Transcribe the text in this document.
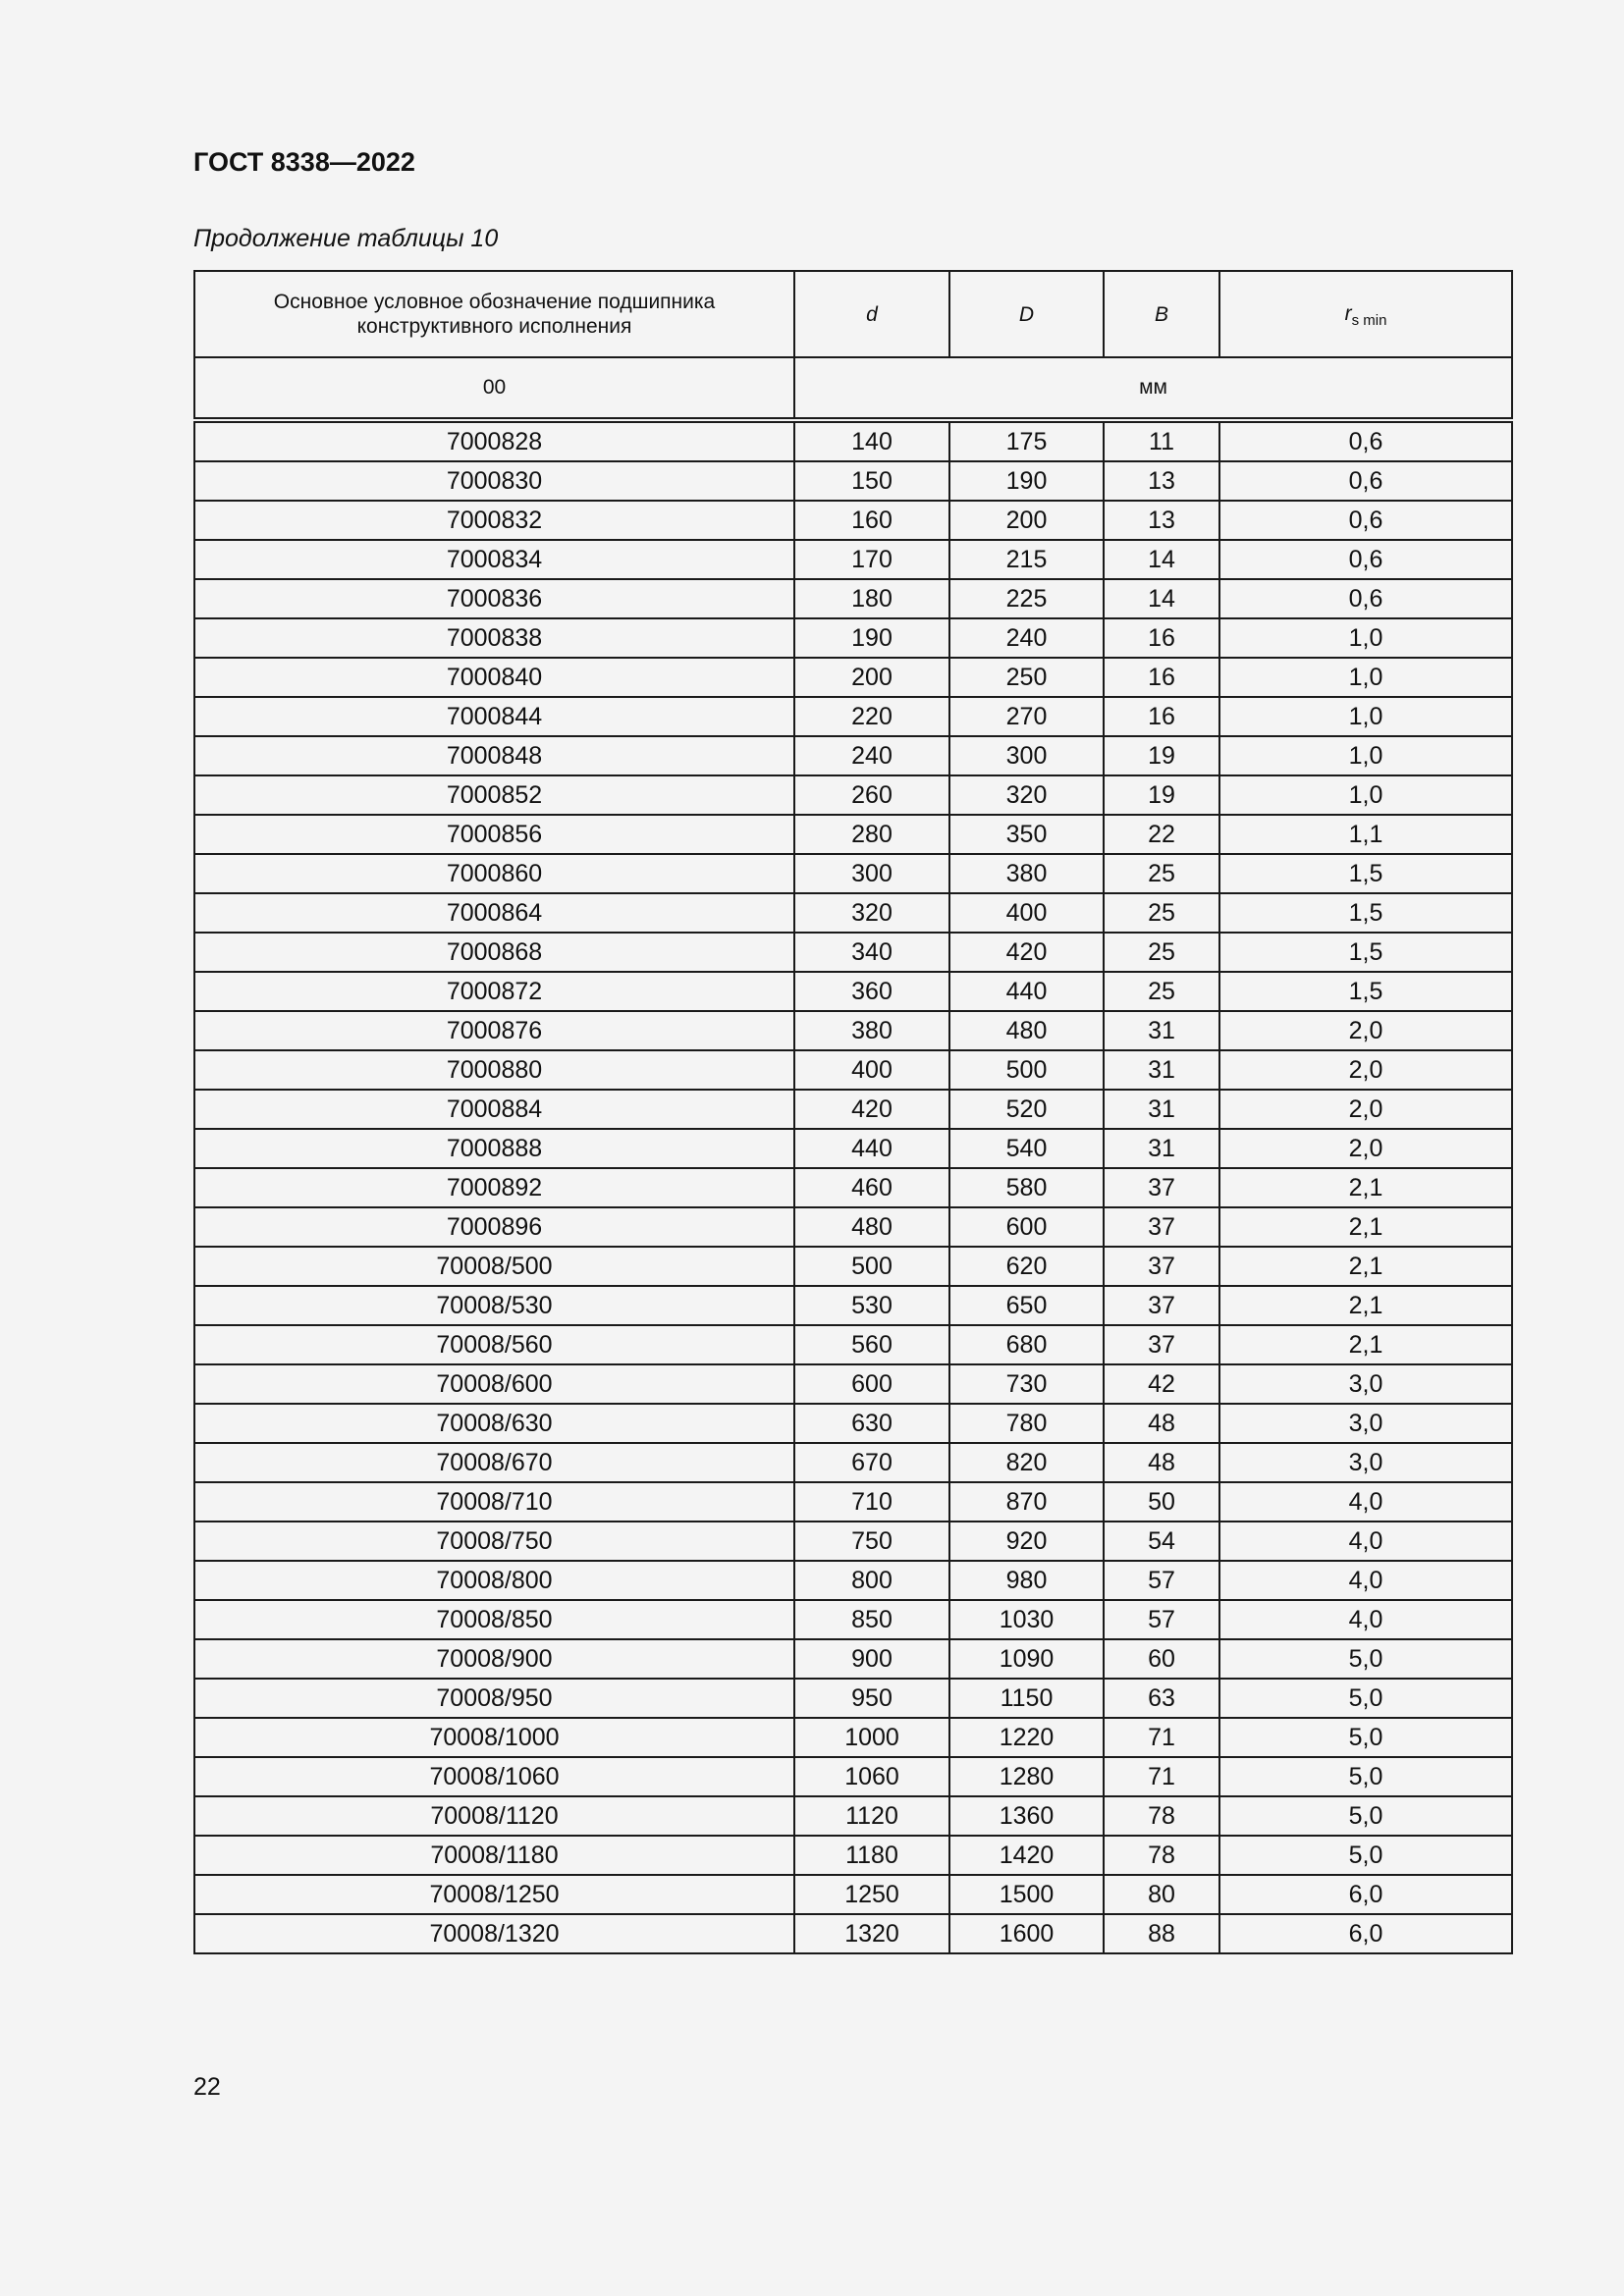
ГОСТ 8338—2022

Продолжение таблицы 10

Основное условное обозначение подшипника конструктивного исполнения	d	D	B	$r_{s min}$
00	мм			
7000828	140	175	11	0,6
7000830	150	190	13	0,6
7000832	160	200	13	0,6
7000834	170	215	14	0,6
7000836	180	225	14	0,6
7000838	190	240	16	1,0
7000840	200	250	16	1,0
7000844	220	270	16	1,0
7000848	240	300	19	1,0
7000852	260	320	19	1,0
7000856	280	350	22	1,1
7000860	300	380	25	1,5
7000864	320	400	25	1,5
7000868	340	420	25	1,5
7000872	360	440	25	1,5
7000876	380	480	31	2,0
7000880	400	500	31	2,0
7000884	420	520	31	2,0
7000888	440	540	31	2,0
7000892	460	580	37	2,1
7000896	480	600	37	2,1
70008/500	500	620	37	2,1
70008/530	530	650	37	2,1
70008/560	560	680	37	2,1
70008/600	600	730	42	3,0
70008/630	630	780	48	3,0
70008/670	670	820	48	3,0
70008/710	710	870	50	4,0
70008/750	750	920	54	4,0
70008/800	800	980	57	4,0
70008/850	850	1030	57	4,0
70008/900	900	1090	60	5,0
70008/950	950	1150	63	5,0
70008/1000	1000	1220	71	5,0
70008/1060	1060	1280	71	5,0
70008/1120	1120	1360	78	5,0
70008/1180	1180	1420	78	5,0
70008/1250	1250	1500	80	6,0
70008/1320	1320	1600	88	6,0

22
